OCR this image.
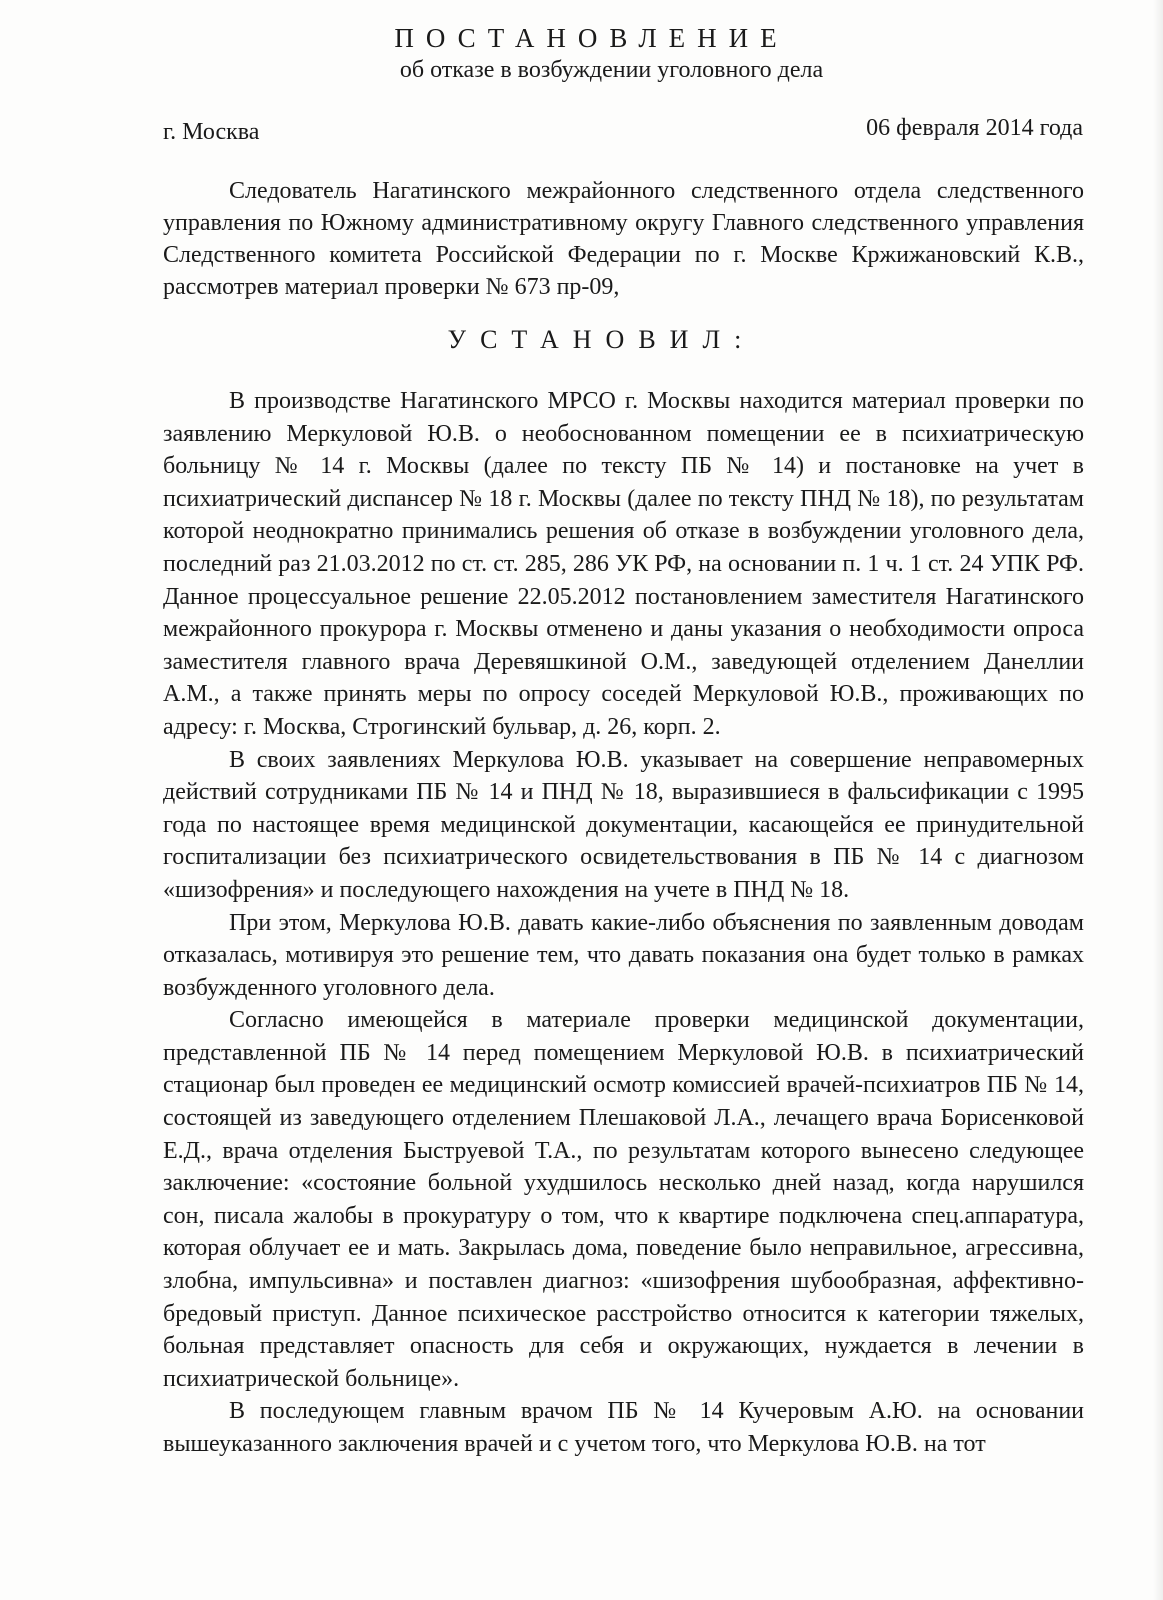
ПОСТАНОВЛЕНИЕ
об отказе в возбуждении уголовного дела
г. Москва	06 февраля 2014 года

Следователь Нагатинского межрайонного следственного отдела следственного управления по Южному административному округу Главного следственного управления Следственного комитета Российской Федерации по г. Москве Кржижановский К.В., рассмотрев материал проверки № 673 пр-09,

УСТАНОВИЛ:

В производстве Нагатинского МРСО г. Москвы находится материал проверки по заявлению Меркуловой Ю.В. о необоснованном помещении ее в психиатрическую больницу № 14 г. Москвы (далее по тексту ПБ № 14) и постановке на учет в психиатрический диспансер № 18 г. Москвы (далее по тексту ПНД № 18), по результатам которой неоднократно принимались решения об отказе в возбуждении уголовного дела, последний раз 21.03.2012 по ст. ст. 285, 286 УК РФ, на основании п. 1 ч. 1 ст. 24 УПК РФ. Данное процессуальное решение 22.05.2012 постановлением заместителя Нагатинского межрайонного прокурора г. Москвы отменено и даны указания о необходимости опроса заместителя главного врача Деревяшкиной О.М., заведующей отделением Данеллии А.М., а также принять меры по опросу соседей Меркуловой Ю.В., проживающих по адресу: г. Москва, Строгинский бульвар, д. 26, корп. 2.

В своих заявлениях Меркулова Ю.В. указывает на совершение неправомерных действий сотрудниками ПБ № 14 и ПНД № 18, выразившиеся в фальсификации с 1995 года по настоящее время медицинской документации, касающейся ее принудительной госпитализации без психиатрического освидетельствования в ПБ № 14 с диагнозом «шизофрения» и последующего нахождения на учете в ПНД № 18.

При этом, Меркулова Ю.В. давать какие-либо объяснения по заявленным доводам отказалась, мотивируя это решение тем, что давать показания она будет только в рамках возбужденного уголовного дела.

Согласно имеющейся в материале проверки медицинской документации, представленной ПБ № 14 перед помещением Меркуловой Ю.В. в психиатрический стационар был проведен ее медицинский осмотр комиссией врачей-психиатров ПБ № 14, состоящей из заведующего отделением Плешаковой Л.А., лечащего врача Борисенковой Е.Д., врача отделения Быструевой Т.А., по результатам которого вынесено следующее заключение: «состояние больной ухудшилось несколько дней назад, когда нарушился сон, писала жалобы в прокуратуру о том, что к квартире подключена спец.аппаратура, которая облучает ее и мать. Закрылась дома, поведение было неправильное, агрессивна, злобна, импульсивна» и поставлен диагноз: «шизофрения шубообразная, аффективно-бредовый приступ. Данное психическое расстройство относится к категории тяжелых, больная представляет опасность для себя и окружающих, нуждается в лечении в психиатрической больнице».

В последующем главным врачом ПБ № 14 Кучеровым А.Ю. на основании вышеуказанного заключения врачей и с учетом того, что Меркулова Ю.В. на тот
